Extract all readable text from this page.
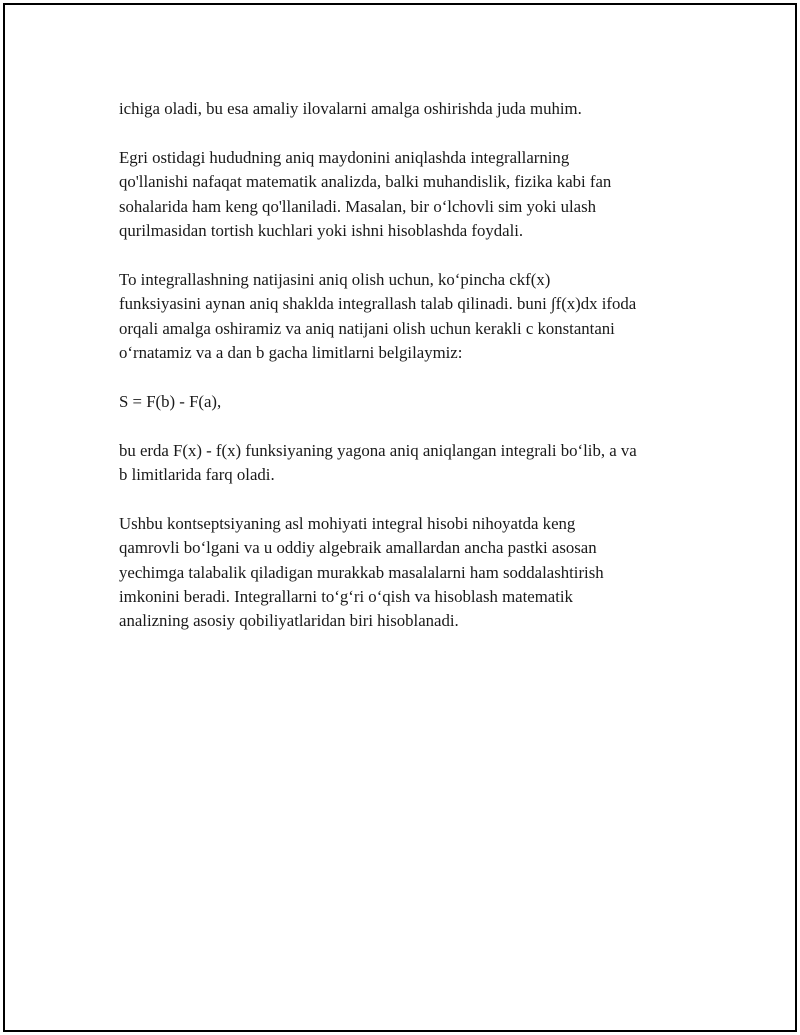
ichiga oladi, bu esa amaliy ilovalarni amalga oshirishda juda muhim.

Egri ostidagi hududning aniq maydonini aniqlashda integrallarning
qo'llanishi nafaqat matematik analizda, balki muhandislik, fizika kabi fan
sohalarida ham keng qo'llaniladi. Masalan, bir o‘lchovli sim yoki ulash
qurilmasidan tortish kuchlari yoki ishni hisoblashda foydali.

To integrallashning natijasini aniq olish uchun, ko‘pincha ckf(x)
funksiyasini aynan aniq shaklda integrallash talab qilinadi. buni ∫f(x)dx ifoda
orqali amalga oshiramiz va aniq natijani olish uchun kerakli c konstantani
o‘rnatamiz va a dan b gacha limitlarni belgilaymiz:

S = F(b) - F(a),

bu erda F(x) - f(x) funksiyaning yagona aniq aniqlangan integrali bo‘lib, a va
b limitlarida farq oladi.

Ushbu kontseptsiyaning asl mohiyati integral hisobi nihoyatda keng
qamrovli bo‘lgani va u oddiy algebraik amallardan ancha pastki asosan
yechimga talabalik qiladigan murakkab masalalarni ham soddalashtirish
imkonini beradi. Integrallarni to‘g‘ri o‘qish va hisoblash matematik
analizning asosiy qobiliyatlaridan biri hisoblanadi.
